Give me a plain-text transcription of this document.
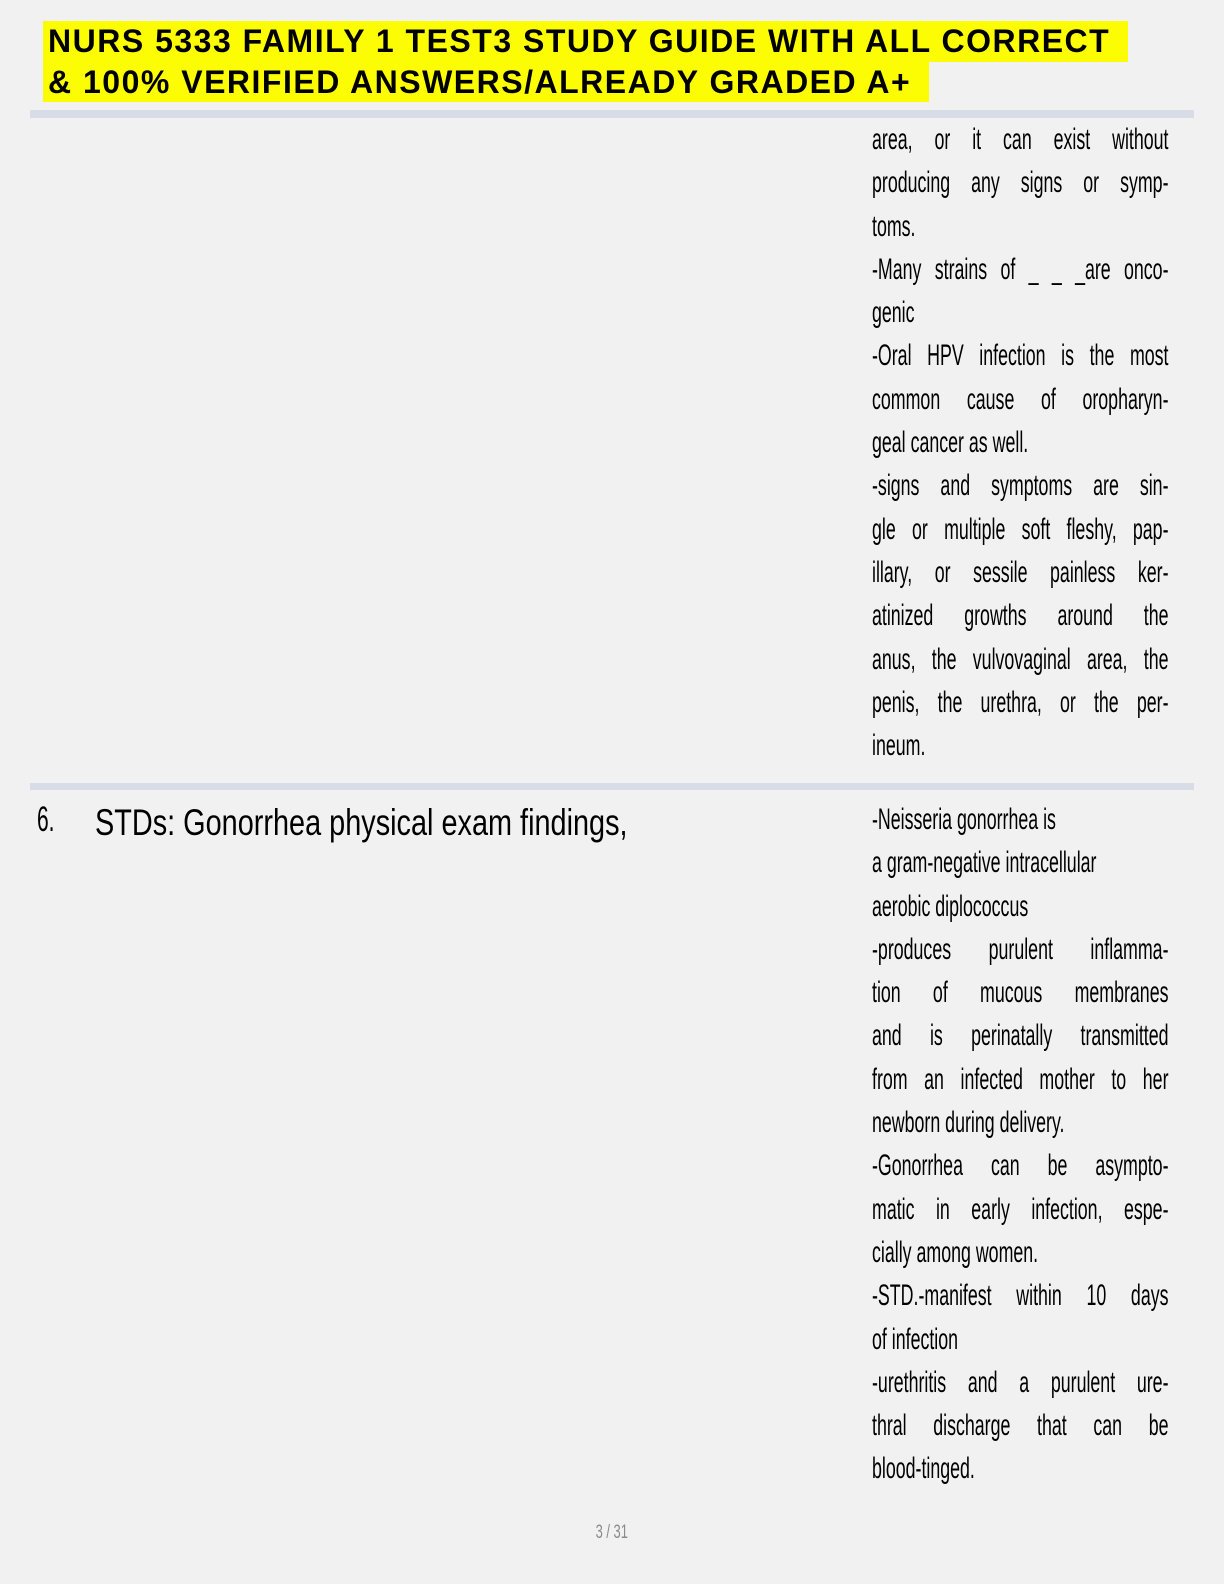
NURS 5333 FAMILY 1 TEST3 STUDY GUIDE WITH ALL CORRECT
& 100% VERIFIED ANSWERS/ALREADY GRADED A+
area, or it can exist without
producing any signs or symp-
toms.
-Many strains of _ _ _are onco-
genic
-Oral HPV infection is the most
common cause of oropharyn-
geal cancer as well.
-signs and symptoms are sin-
gle or multiple soft fleshy, pap-
illary, or sessile painless ker-
atinized growths around the
anus, the vulvovaginal area, the
penis, the urethra, or the per-
ineum.
6.	STDs: Gonorrhea physical exam findings,	-Neisseria gonorrhea is
a gram-negative intracellular
aerobic diplococcus
-produces purulent inflamma-
tion of mucous membranes
and is perinatally transmitted
from an infected mother to her
newborn during delivery.
-Gonorrhea can be asympto-
matic in early infection, espe-
cially among women.
-STD.-manifest within 10 days
of infection
-urethritis and a purulent ure-
thral discharge that can be
blood-tinged.
3 / 31
